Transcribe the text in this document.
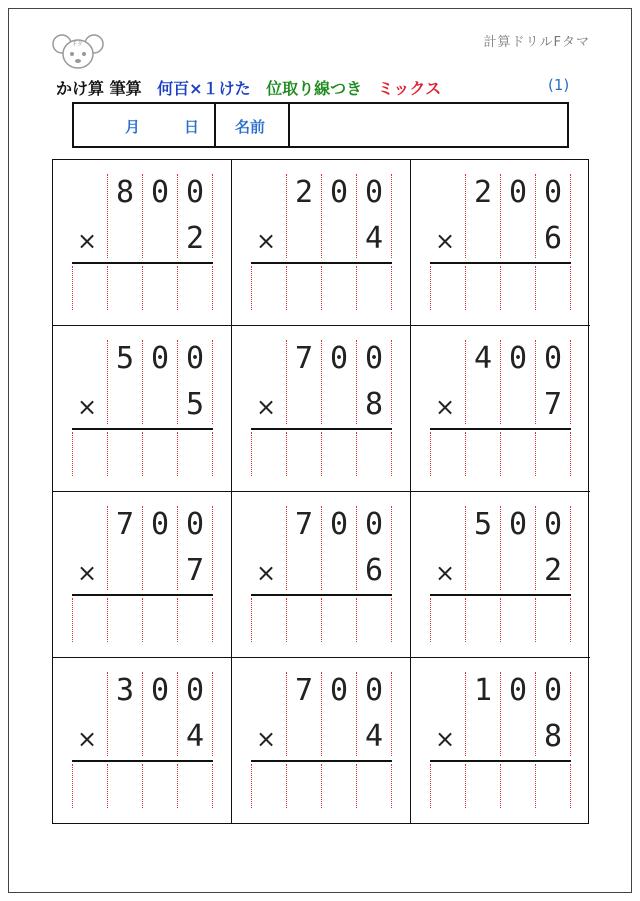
Fタ	計算ドリルFタマ
かけ算 筆算 何百×１けた 位取り線つき ミックス	(1)
月	日 名前
8 0 0
×	2
2 0 0
×	4
2 0 0
×	6
5 0 0
×	5
7 0 0
×	8
4 0 0
×	7
7 0 0
×	7
7 0 0
×	6
5 0 0
×	2
3 0 0
×	4
7 0 0
×	4
1 0 0
×	8
